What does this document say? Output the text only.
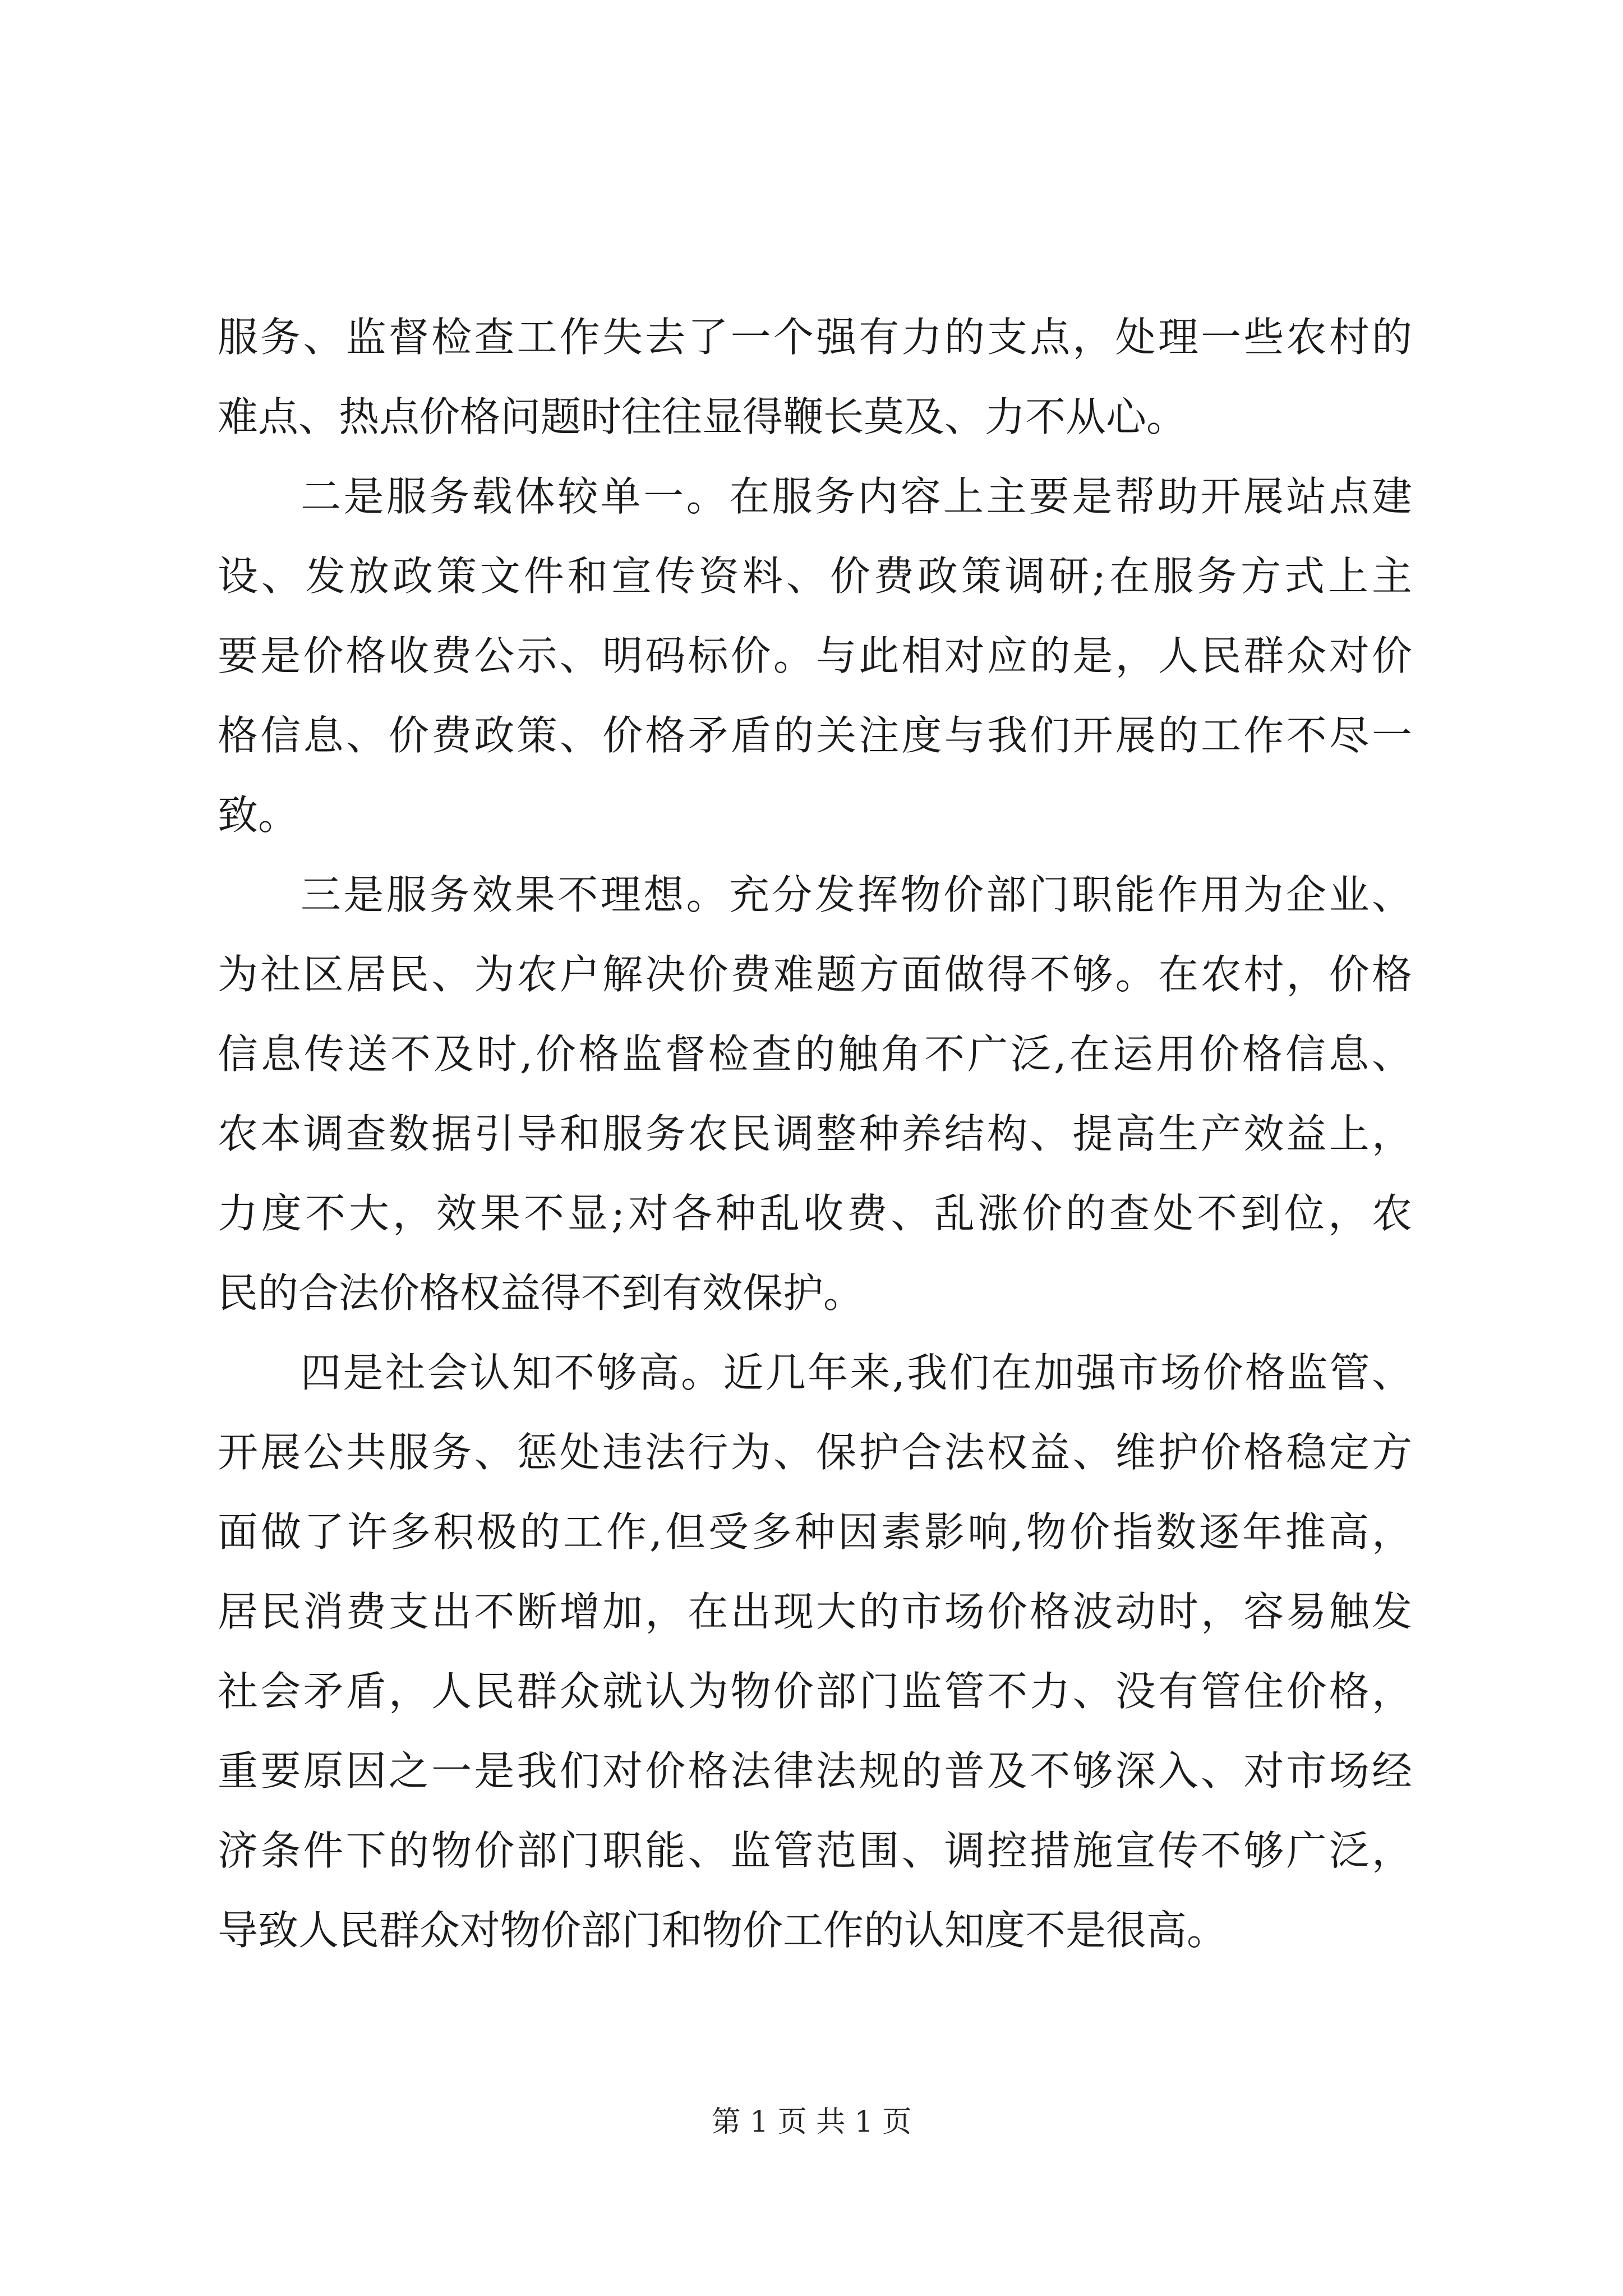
服务、监督检查工作失去了一个强有力的支点，处理一些农村的
难点、热点价格问题时往往显得鞭长莫及、力不从心。
二是服务载体较单一。在服务内容上主要是帮助开展站点建
设、发放政策文件和宣传资料、价费政策调研;在服务方式上主
要是价格收费公示、明码标价。与此相对应的是，人民群众对价
格信息、价费政策、价格矛盾的关注度与我们开展的工作不尽一
致。
三是服务效果不理想。充分发挥物价部门职能作用为企业、
为社区居民、为农户解决价费难题方面做得不够。在农村，价格
信息传送不及时,价格监督检查的触角不广泛,在运用价格信息、
农本调查数据引导和服务农民调整种养结构、提高生产效益上，
力度不大，效果不显;对各种乱收费、乱涨价的查处不到位，农
民的合法价格权益得不到有效保护。
四是社会认知不够高。近几年来,我们在加强市场价格监管、
开展公共服务、惩处违法行为、保护合法权益、维护价格稳定方
面做了许多积极的工作,但受多种因素影响,物价指数逐年推高，
居民消费支出不断增加，在出现大的市场价格波动时，容易触发
社会矛盾，人民群众就认为物价部门监管不力、没有管住价格，
重要原因之一是我们对价格法律法规的普及不够深入、对市场经
济条件下的物价部门职能、监管范围、调控措施宣传不够广泛，
导致人民群众对物价部门和物价工作的认知度不是很高。
第 1 页 共 1 页
